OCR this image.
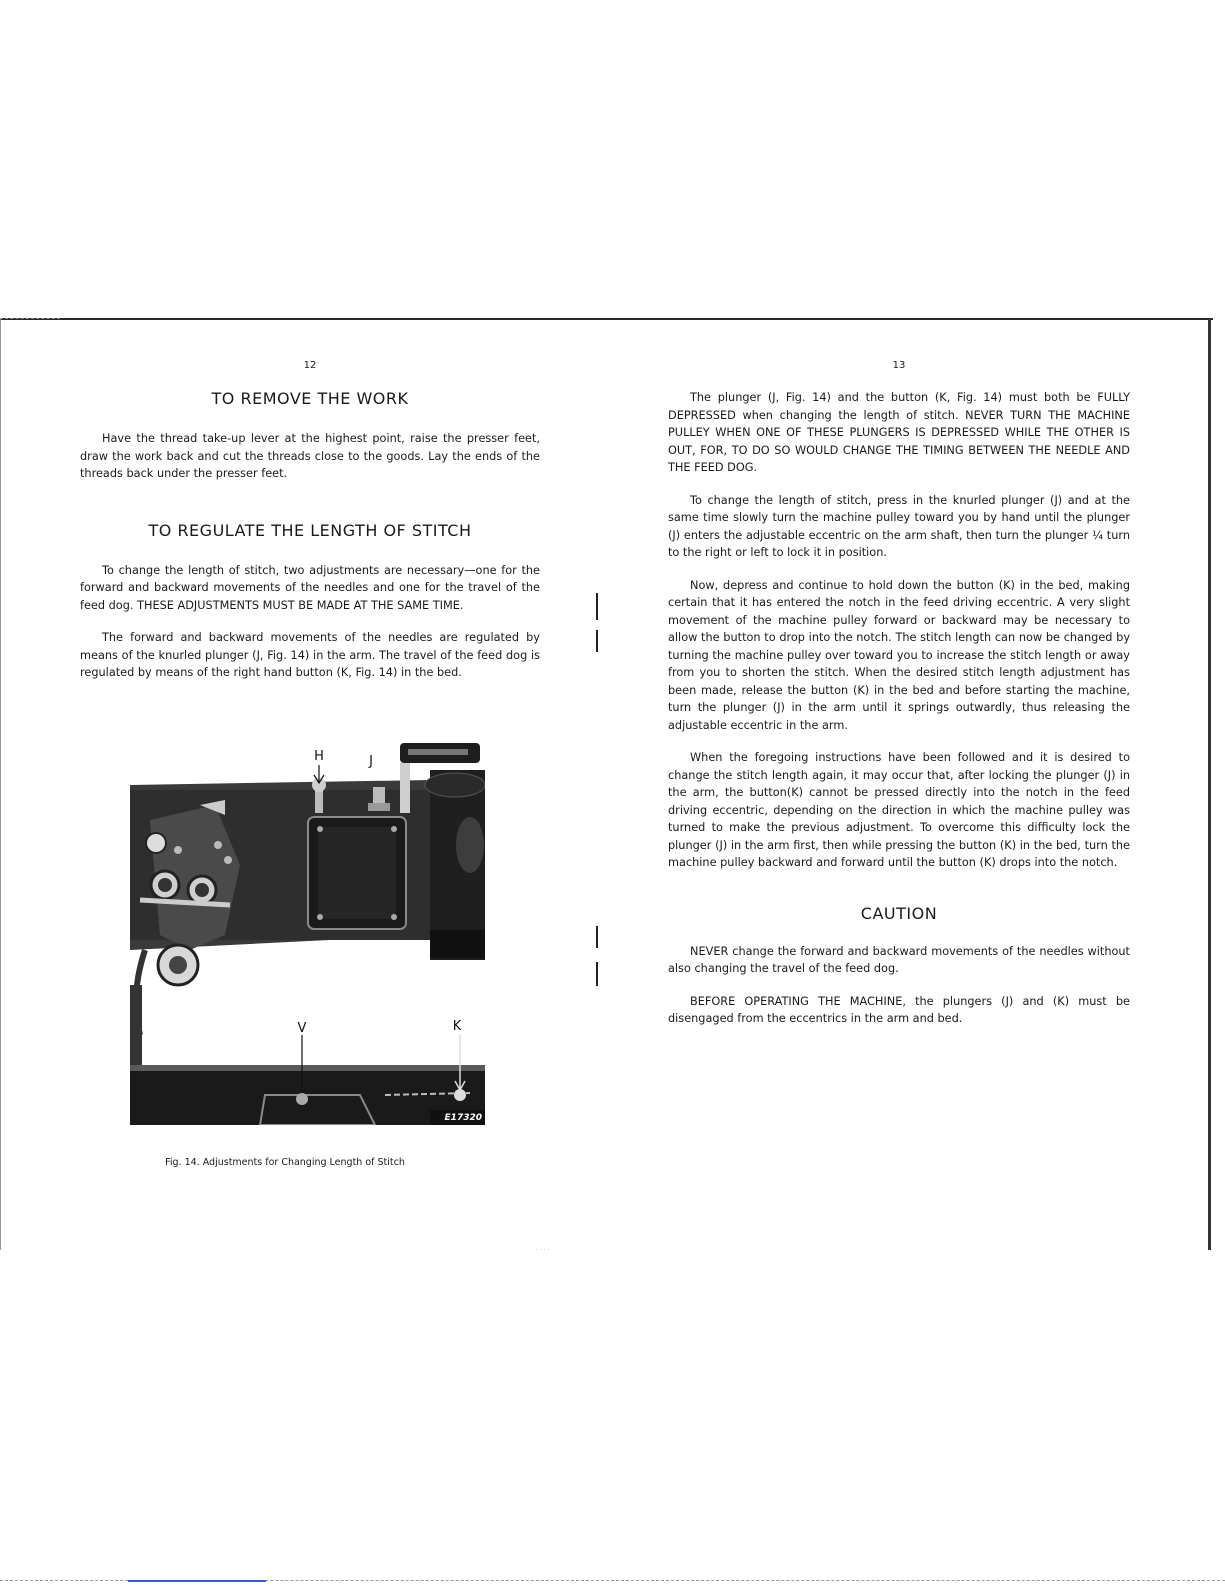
12
TO REMOVE THE WORK

Have the thread take-up lever at the highest point, raise the presser feet, draw the work back and cut the threads close to the goods. Lay the ends of the threads back under the presser feet.

TO REGULATE THE LENGTH OF STITCH

To change the length of stitch, two adjustments are necessary—one for the forward and backward movements of the needles and one for the travel of the feed dog. THESE ADJUSTMENTS MUST BE MADE AT THE SAME TIME.

The forward and backward movements of the needles are regulated by means of the knurled plunger (J, Fig. 14) in the arm. The travel of the feed dog is regulated by means of the right hand button (K, Fig. 14) in the bed.

H	J
V	K
E17320
Fig. 14. Adjustments for Changing Length of Stitch
. . . .
13

The plunger (J, Fig. 14) and the button (K, Fig. 14) must both be FULLY DEPRESSED when changing the length of stitch. NEVER TURN THE MACHINE PULLEY WHEN ONE OF THESE PLUNGERS IS DEPRESSED WHILE THE OTHER IS OUT, FOR, TO DO SO WOULD CHANGE THE TIMING BETWEEN THE NEEDLE AND THE FEED DOG.

To change the length of stitch, press in the knurled plunger (J) and at the same time slowly turn the machine pulley toward you by hand until the plunger (J) enters the adjustable eccentric on the arm shaft, then turn the plunger ¼ turn to the right or left to lock it in position.

Now, depress and continue to hold down the button (K) in the bed, making certain that it has entered the notch in the feed driving eccentric. A very slight movement of the machine pulley forward or backward may be necessary to allow the button to drop into the notch. The stitch length can now be changed by turning the machine pulley over toward you to increase the stitch length or away from you to shorten the stitch. When the desired stitch length adjustment has been made, release the button (K) in the bed and before starting the machine, turn the plunger (J) in the arm until it springs outwardly, thus releasing the adjustable eccentric in the arm.

When the foregoing instructions have been followed and it is desired to change the stitch length again, it may occur that, after locking the plunger (J) in the arm, the button(K) cannot be pressed directly into the notch in the feed driving eccentric, depending on the direction in which the machine pulley was turned to make the previous adjustment. To overcome this difficulty lock the plunger (J) in the arm first, then while pressing the button (K) in the bed, turn the machine pulley backward and forward until the button (K) drops into the notch.

CAUTION

NEVER change the forward and backward movements of the needles without also changing the travel of the feed dog.

BEFORE OPERATING THE MACHINE, the plungers (J) and (K) must be disengaged from the eccentrics in the arm and bed.
